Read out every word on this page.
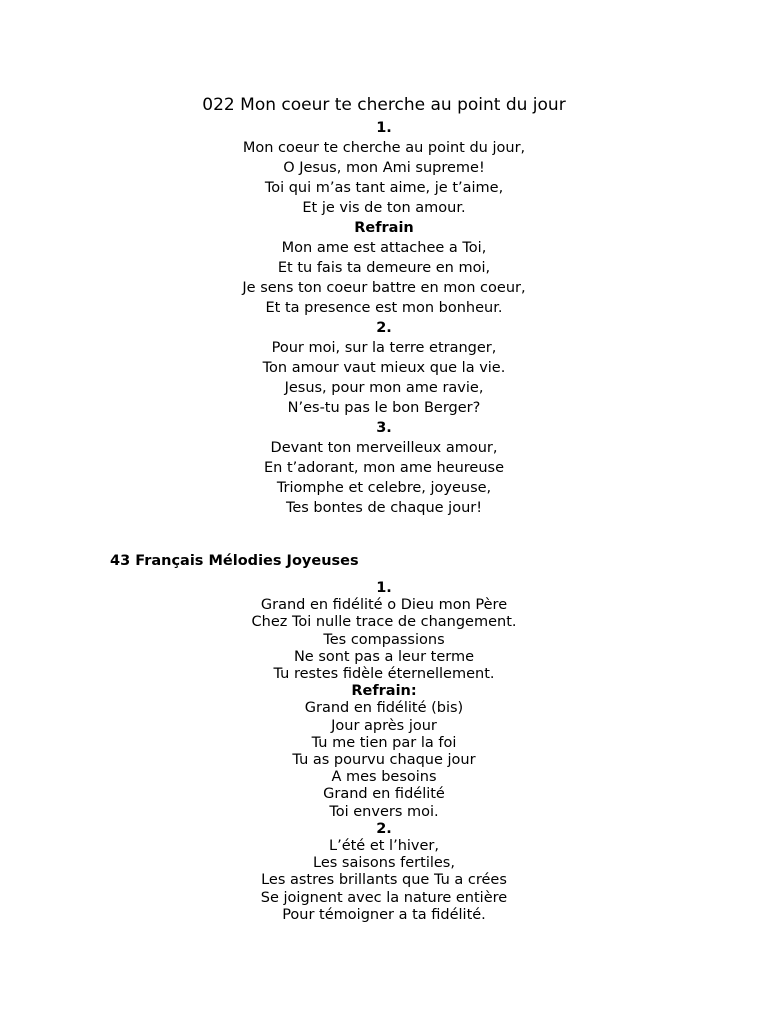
022 Mon coeur te cherche au point du jour
1.
Mon coeur te cherche au point du jour,
O Jesus, mon Ami supreme!
Toi qui m’as tant aime, je t’aime,
Et je vis de ton amour.
Refrain
Mon ame est attachee a Toi,
Et tu fais ta demeure en moi,
Je sens ton coeur battre en mon coeur,
Et ta presence est mon bonheur.
2.
Pour moi, sur la terre etranger,
Ton amour vaut mieux que la vie.
Jesus, pour mon ame ravie,
N’es-tu pas le bon Berger?
3.
Devant ton merveilleux amour,
En t’adorant, mon ame heureuse
Triomphe et celebre, joyeuse,
Tes bontes de chaque jour!
43 Français Mélodies Joyeuses
1.
Grand en fidélité o Dieu mon Père
Chez Toi nulle trace de changement.
Tes compassions
Ne sont pas a leur terme
Tu restes fidèle éternellement.
Refrain:
Grand en fidélité (bis)
Jour après jour
Tu me tien par la foi
Tu as pourvu chaque jour
A mes besoins
Grand en fidélité
Toi envers moi.
2.
L’été et l’hiver,
Les saisons fertiles,
Les astres brillants que Tu a crées
Se joignent avec la nature entière
Pour témoigner a ta fidélité.
